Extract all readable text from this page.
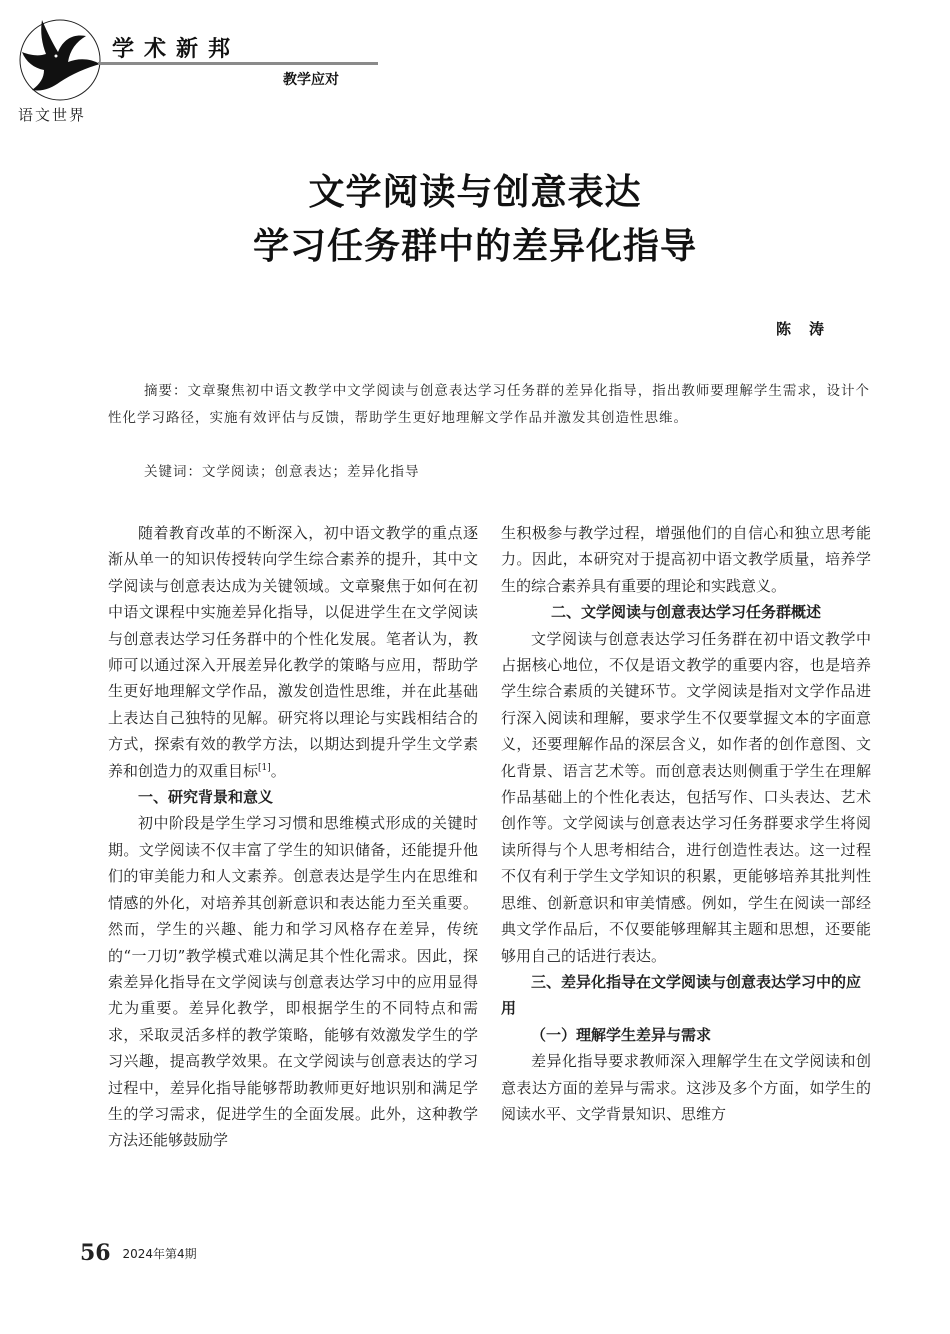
语文世界
学术新邦
教学应对
文学阅读与创意表达
学习任务群中的差异化指导
陈涛
摘要：文章聚焦初中语文教学中文学阅读与创意表达学习任务群的差异化指导，指出教师要理解学生需求，设计个性化学习路径，实施有效评估与反馈，帮助学生更好地理解文学作品并激发其创造性思维。
关键词：文学阅读；创意表达；差异化指导

随着教育改革的不断深入，初中语文教学的重点逐渐从单一的知识传授转向学生综合素养的提升，其中文学阅读与创意表达成为关键领域。文章聚焦于如何在初中语文课程中实施差异化指导，以促进学生在文学阅读与创意表达学习任务群中的个性化发展。笔者认为，教师可以通过深入开展差异化教学的策略与应用，帮助学生更好地理解文学作品，激发创造性思维，并在此基础上表达自己独特的见解。研究将以理论与实践相结合的方式，探索有效的教学方法，以期达到提升学生文学素养和创造力的双重目标[1]。

一、研究背景和意义

初中阶段是学生学习习惯和思维模式形成的关键时期。文学阅读不仅丰富了学生的知识储备，还能提升他们的审美能力和人文素养。创意表达是学生内在思维和情感的外化，对培养其创新意识和表达能力至关重要。然而，学生的兴趣、能力和学习风格存在差异，传统的“一刀切”教学模式难以满足其个性化需求。因此，探索差异化指导在文学阅读与创意表达学习中的应用显得尤为重要。差异化教学，即根据学生的不同特点和需求，采取灵活多样的教学策略，能够有效激发学生的学习兴趣，提高教学效果。在文学阅读与创意表达的学习过程中，差异化指导能够帮助教师更好地识别和满足学生的学习需求，促进学生的全面发展。此外，这种教学方法还能够鼓励学

生积极参与教学过程，增强他们的自信心和独立思考能力。因此，本研究对于提高初中语文教学质量，培养学生的综合素养具有重要的理论和实践意义。

二、文学阅读与创意表达学习任务群概述

文学阅读与创意表达学习任务群在初中语文教学中占据核心地位，不仅是语文教学的重要内容，也是培养学生综合素质的关键环节。文学阅读是指对文学作品进行深入阅读和理解，要求学生不仅要掌握文本的字面意义，还要理解作品的深层含义，如作者的创作意图、文化背景、语言艺术等。而创意表达则侧重于学生在理解作品基础上的个性化表达，包括写作、口头表达、艺术创作等。文学阅读与创意表达学习任务群要求学生将阅读所得与个人思考相结合，进行创造性表达。这一过程不仅有利于学生文学知识的积累，更能够培养其批判性思维、创新意识和审美情感。例如，学生在阅读一部经典文学作品后，不仅要能够理解其主题和思想，还要能够用自己的话进行表达。

三、差异化指导在文学阅读与创意表达学习中的应用
（一）理解学生差异与需求

差异化指导要求教师深入理解学生在文学阅读和创意表达方面的差异与需求。这涉及多个方面，如学生的阅读水平、文学背景知识、思维方

56 2024年第4期
